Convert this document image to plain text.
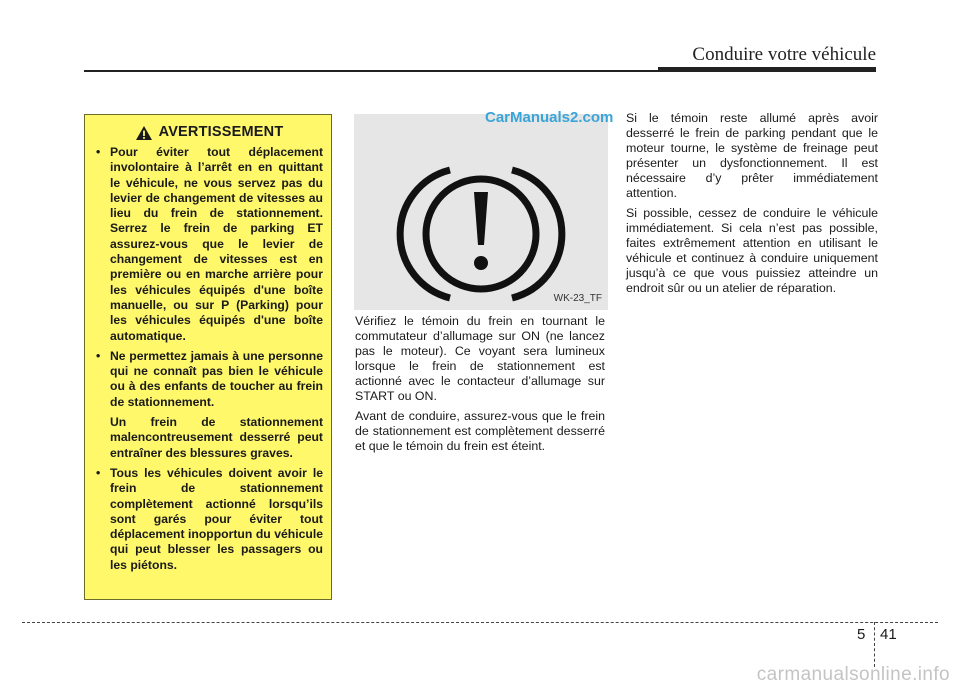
Conduire votre véhicule
AVERTISSEMENT
• Pour éviter tout déplacement involontaire à l’arrêt en en quittant le véhicule, ne vous servez pas du levier de changement de vitesses au lieu du frein de stationnement. Serrez le frein de parking ET assurez-vous que le levier de changement de vitesses est en première ou en marche arrière pour les véhicules équipés d'une boîte manuelle, ou sur P (Parking) pour les véhicules équipés d'une boîte automatique.
• Ne permettez jamais à une personne qui ne connaît pas bien le véhicule ou à des enfants de toucher au frein de stationnement.
Un frein de stationnement malencontreusement desserré peut entraîner des blessures graves.
• Tous les véhicules doivent avoir le frein de stationnement complètement actionné lorsqu’ils sont garés pour éviter tout déplacement inopportun du véhicule qui peut blesser les passagers ou les piétons.
CarManuals2.com
WK-23_TF

Vérifiez le témoin du frein en tournant le commutateur d’allumage sur ON (ne lancez pas le moteur). Ce voyant sera lumineux lorsque le frein de stationnement est actionné avec le contacteur d’allumage sur START ou ON.

Avant de conduire, assurez-vous que le frein de stationnement est complètement desserré et que le témoin du frein est éteint.

Si le témoin reste allumé après avoir desserré le frein de parking pendant que le moteur tourne, le système de freinage peut présenter un dysfonctionnement. Il est nécessaire d’y prêter immédiatement attention.

Si possible, cessez de conduire le véhicule immédiatement. Si cela n’est pas possible, faites extrêmement attention en utilisant le véhicule et continuez à conduire uniquement jusqu’à ce que vous puissiez atteindre un endroit sûr ou un atelier de réparation.

5 41
carmanualsonline.info
